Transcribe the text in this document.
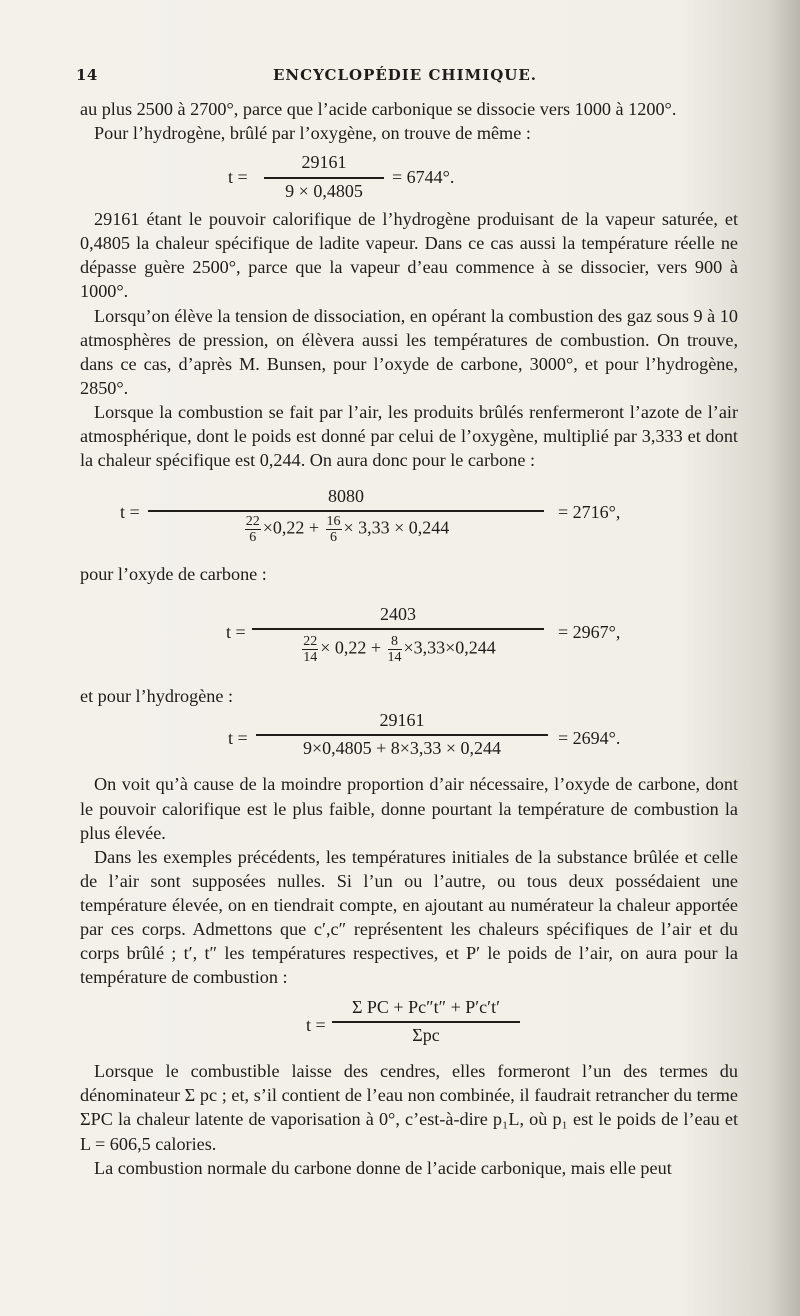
14	ENCYCLOPÉDIE CHIMIQUE.

au plus 2500 à 2700°, parce que l’acide carbonique se dissocie vers 1000 à 1200°.

Pour l’hydrogène, brûlé par l’oxygène, on trouve de même :

t =
29161
9 × 0,4805
= 6744°.

29161 étant le pouvoir calorifique de l’hydrogène produisant de la vapeur saturée, et 0,4805 la chaleur spécifique de ladite vapeur. Dans ce cas aussi la température réelle ne dépasse guère 2500°, parce que la vapeur d’eau commence à se dissocier, vers 900 à 1000°.

Lorsqu’on élève la tension de dissociation, en opérant la combustion des gaz sous 9 à 10 atmosphères de pression, on élèvera aussi les températures de combustion. On trouve, dans ce cas, d’après M. Bunsen, pour l’oxyde de carbone, 3000°, et pour l’hydrogène, 2850°.

Lorsque la combustion se fait par l’air, les produits brûlés renfermeront l’azote de l’air atmosphérique, dont le poids est donné par celui de l’oxygène, multiplié par 3,333 et dont la chaleur spécifique est 0,244. On aura donc pour le carbone :

t =
8080
$\frac{22}{6} \times 0,22 + \frac{16}{6} \times 3,33 \times 0,244$
= 2716°,

pour l’oxyde de carbone :

t =
2403
$\frac{22}{14} \times 0,22 + \frac{8}{14} \times 3,33\times 0,244$
= 2967°,

et pour l’hydrogène :

t =
29161
9×0,4805 + 8×3,33 × 0,244	= 2694°.

On voit qu’à cause de la moindre proportion d’air nécessaire, l’oxyde de carbone, dont le pouvoir calorifique est le plus faible, donne pourtant la température de combustion la plus élevée.

Dans les exemples précédents, les températures initiales de la substance brûlée et celle de l’air sont supposées nulles. Si l’un ou l’autre, ou tous deux possédaient une température élevée, on en tiendrait compte, en ajoutant au numérateur la chaleur apportée par ces corps. Admettons que c′,c″ représentent les chaleurs spécifiques de l’air et du corps brûlé ; t′, t″ les températures respectives, et P′ le poids de l’air, on aura pour la température de combustion :

t =
Σ PC + Pc″t″ + P′c′t′
Σpc

Lorsque le combustible laisse des cendres, elles formeront l’un des termes du dénominateur Σ pc ; et, s’il contient de l’eau non combinée, il faudrait retrancher du terme ΣPC la chaleur latente de vaporisation à 0°, c’est-à-dire p₁L, où p₁ est le poids de l’eau et L = 606,5 calories.

La combustion normale du carbone donne de l’acide carbonique, mais elle peut
